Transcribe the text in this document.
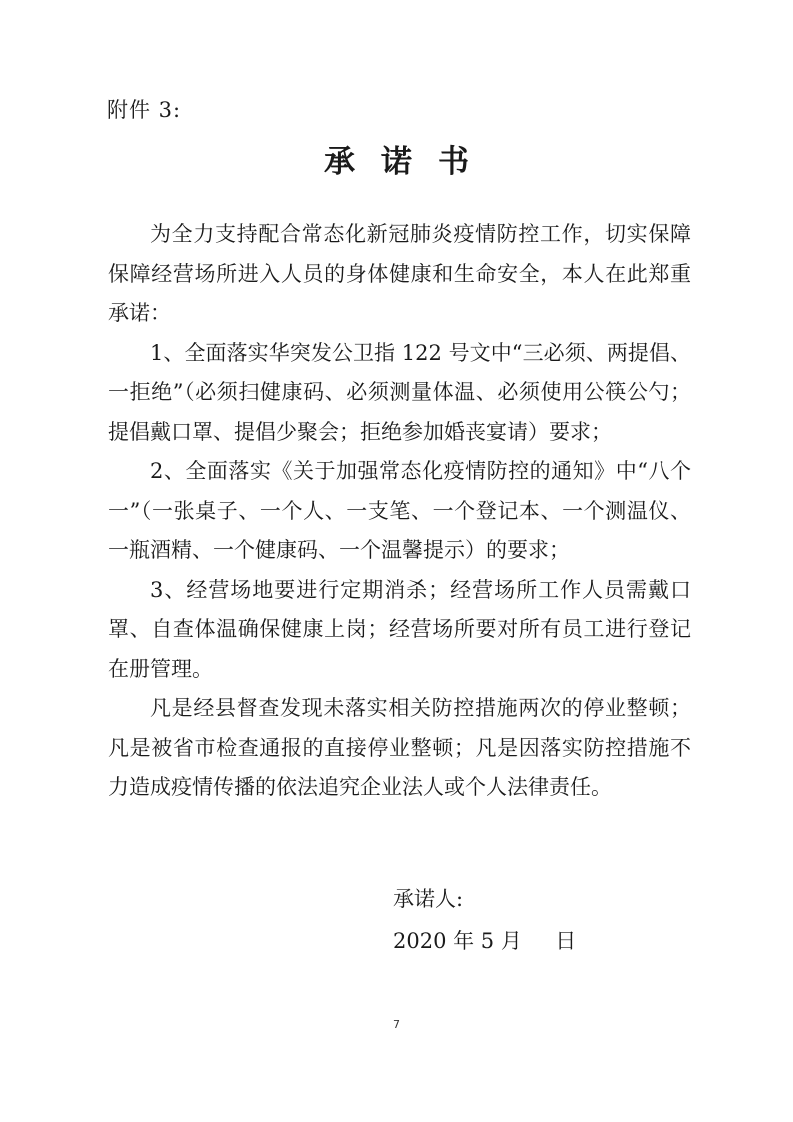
附件 3:
承诺书

为全力支持配合常态化新冠肺炎疫情防控工作，切实保障保障经营场所进入人员的身体健康和生命安全，本人在此郑重承诺：

1、全面落实华突发公卫指 122 号文中“三必须、两提倡、一拒绝”（必须扫健康码、必须测量体温、必须使用公筷公勺；提倡戴口罩、提倡少聚会；拒绝参加婚丧宴请）要求；

2、全面落实《关于加强常态化疫情防控的通知》中“八个一”（一张桌子、一个人、一支笔、一个登记本、一个测温仪、一瓶酒精、一个健康码、一个温馨提示）的要求；

3、经营场地要进行定期消杀；经营场所工作人员需戴口罩、自查体温确保健康上岗；经营场所要对所有员工进行登记在册管理。

凡是经县督查发现未落实相关防控措施两次的停业整顿；凡是被省市检查通报的直接停业整顿；凡是因落实防控措施不力造成疫情传播的依法追究企业法人或个人法律责任。

承诺人:
2020 年 5 月     日
7
